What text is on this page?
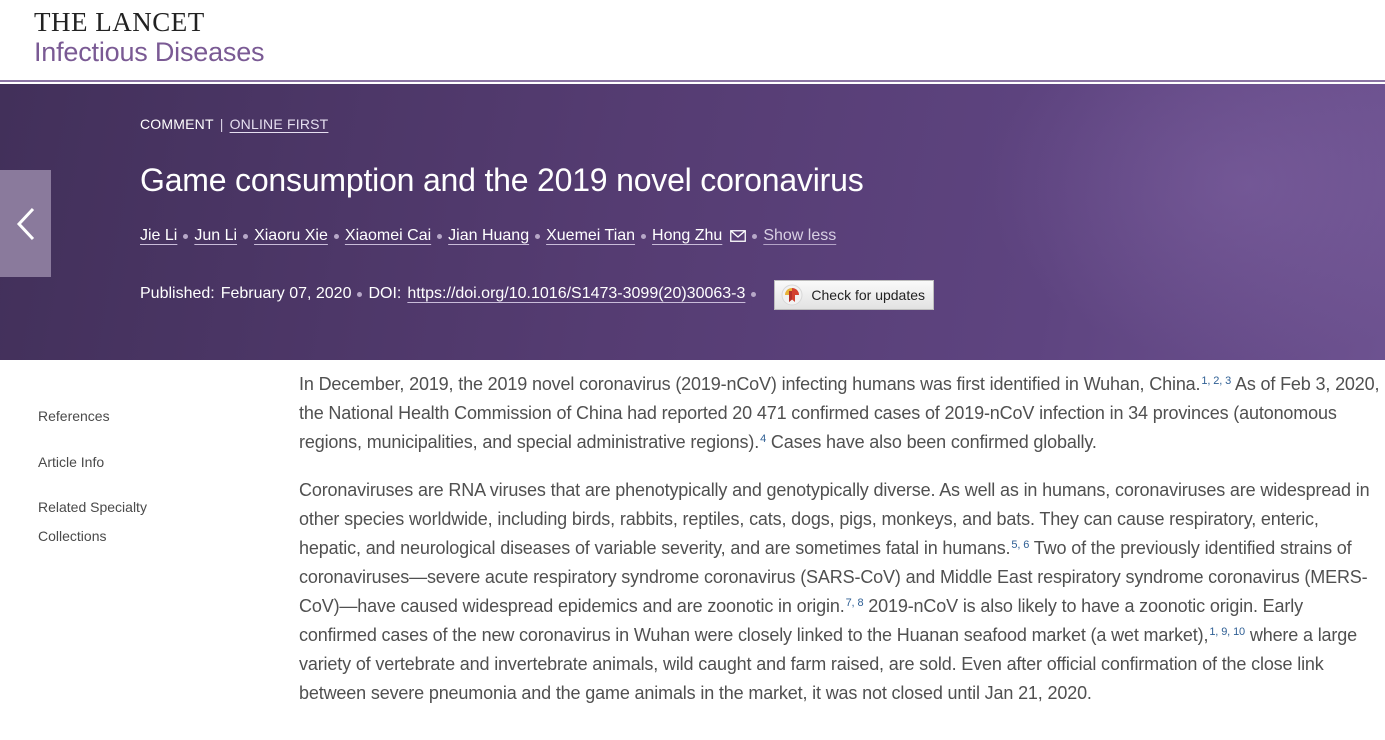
THE LANCET
Infectious Diseases
COMMENT | ONLINE FIRST
Game consumption and the 2019 novel coronavirus
Jie Li Jun Li Xiaoru Xie Xiaomei Cai Jian Huang Xuemei Tian Hong Zhu	Show less
Published: February 07, 2020 DOI: https://doi.org/10.1016/S1473-3099(20)30063-3	Check for updates
References
Article Info
Related Specialty
Collections

In December, 2019, the 2019 novel coronavirus (2019-nCoV) infecting humans was first identified in Wuhan, China.$^{1,}$ $^{2,}$ $^3$ As of Feb 3, 2020, the National Health Commission of China had reported 20 471 confirmed cases of 2019-nCoV infection in 34 provinces (autonomous regions, municipalities, and special administrative regions).$^4$ Cases have also been confirmed globally.

Coronaviruses are RNA viruses that are phenotypically and genotypically diverse. As well as in humans, coronaviruses are widespread in other species worldwide, including birds, rabbits, reptiles, cats, dogs, pigs, monkeys, and bats. They can cause respiratory, enteric, hepatic, and neurological diseases of variable severity, and are sometimes fatal in humans.$^{5,}$ $^6$ Two of the previously identified strains of coronaviruses—severe acute respiratory syndrome coronavirus (SARS-CoV) and Middle East respiratory syndrome coronavirus (MERS-CoV)—have caused widespread epidemics and are zoonotic in origin.$^{7,}$ $^8$ 2019-nCoV is also likely to have a zoonotic origin. Early confirmed cases of the new coronavirus in Wuhan were closely linked to the Huanan seafood market (a wet market),$^{1,}$ $^{9,}$ $^{10}$ where a large variety of vertebrate and invertebrate animals, wild caught and farm raised, are sold. Even after official confirmation of the close link between severe pneumonia and the game animals in the market, it was not closed until Jan 21, 2020.
